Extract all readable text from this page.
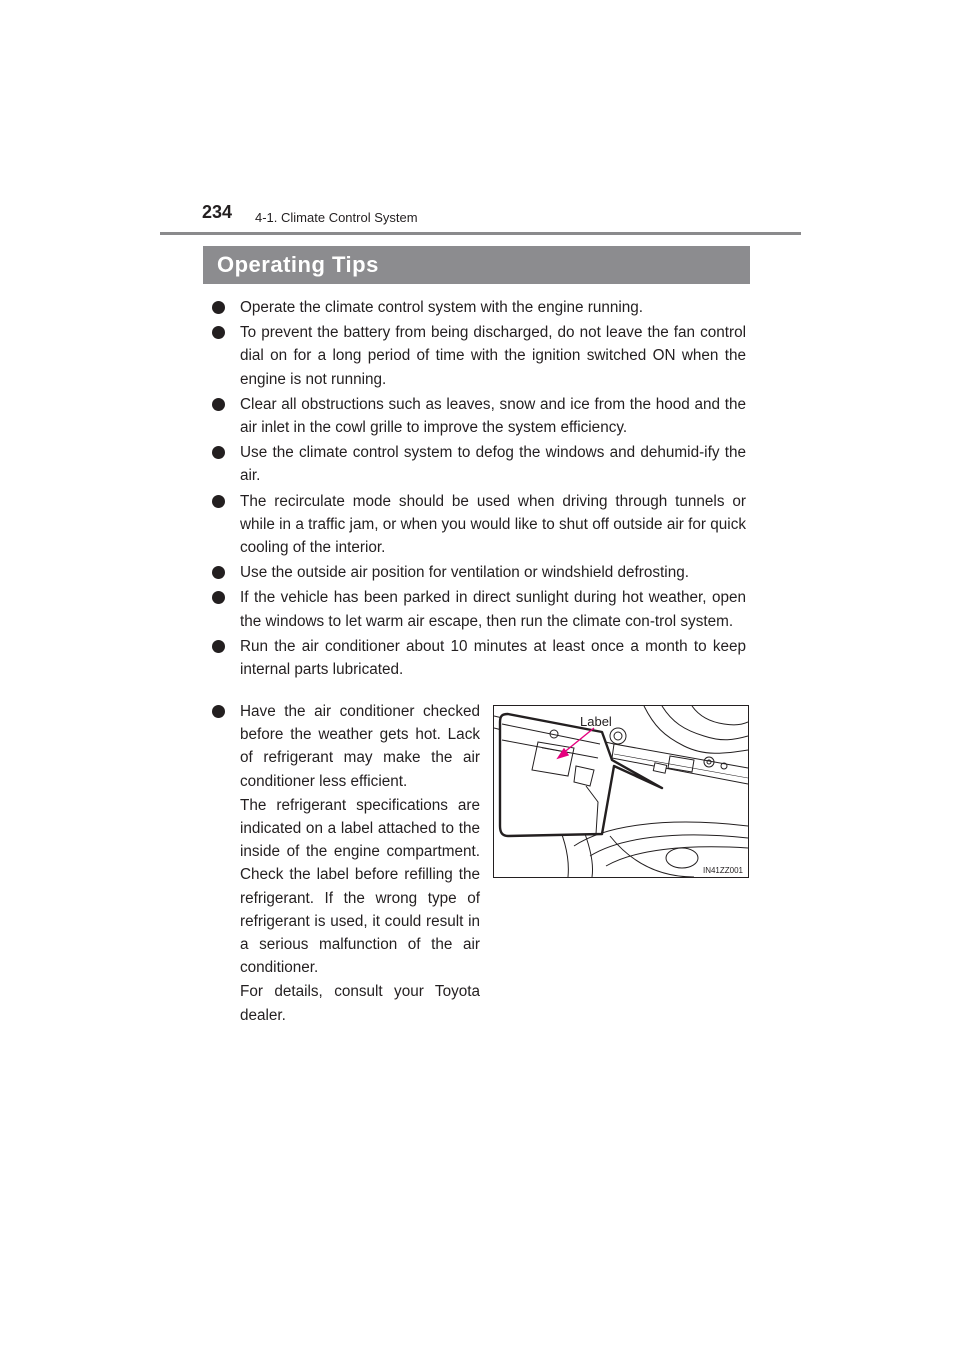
234 4-1. Climate Control System
Operating Tips
Operate the climate control system with the engine running.
To prevent the battery from being discharged, do not leave the fan control dial on for a long period of time with the ignition switched ON when the engine is not running.
Clear all obstructions such as leaves, snow and ice from the hood and the air inlet in the cowl grille to improve the system efficiency.
Use the climate control system to defog the windows and dehumid-ify the air.
The recirculate mode should be used when driving through tunnels or while in a traffic jam, or when you would like to shut off outside air for quick cooling of the interior.
Use the outside air position for ventilation or windshield defrosting.
If the vehicle has been parked in direct sunlight during hot weather, open the windows to let warm air escape, then run the climate con-trol system.
Run the air conditioner about 10 minutes at least once a month to keep internal parts lubricated.

Have the air conditioner checked before the weather gets hot. Lack of refrigerant may make the air conditioner less efficient.

The refrigerant specifications are indicated on a label attached to the inside of the engine compartment. Check the label before refilling the refrigerant. If the wrong type of refrigerant is used, it could result in a serious malfunction of the air conditioner.

For details, consult your Toyota dealer.

Label
IN41ZZ001
